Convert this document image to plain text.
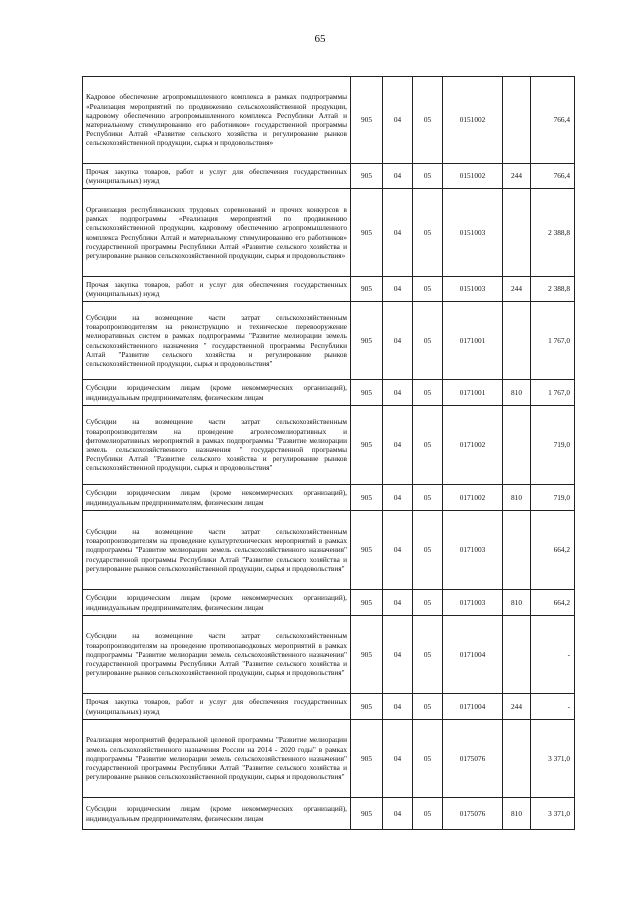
65
Кадровое обеспечение агропромышленного комплекса в рамках подпрограммы «Реализация мероприятий по продвижению сельскохозяйственной продукции, кадровому обеспечению агропромышленного комплекса Республики Алтай и материальному стимулированию его работников» государственной программы Республики Алтай «Развитие сельского хозяйства и регулирование рынков сельскохозяйственной продукции, сырья и продовольствия»	905	04	05	0151002		766,4
Прочая закупка товаров, работ и услуг для обеспечения государственных (муниципальных) нужд	905	04	05	0151002	244	766,4
Организация республиканских трудовых соревнований и прочих конкурсов в рамках подпрограммы «Реализация мероприятий по продвижению сельскохозяйственной продукции, кадровому обеспечению агропромышленного комплекса Республики Алтай и материальному стимулированию его работников» государственной программы Республики Алтай «Развитие сельского хозяйства и регулирование рынков сельскохозяйственной продукции, сырья и продовольствия»	905	04	05	0151003		2 388,8
Прочая закупка товаров, работ и услуг для обеспечения государственных (муниципальных) нужд	905	04	05	0151003	244	2 388,8
Субсидии на возмещение части затрат сельскохозяйственным товаропроизводителям на реконструкцию и техническое перевооружение мелиоративных систем в рамках подпрограммы "Развитие мелиорации земель сельскохозяйственного назначения " государственной программы Республики Алтай "Развитие сельского хозяйства и регулирование рынков сельскохозяйственной продукции, сырья и продовольствия"	905	04	05	0171001		1 767,0
Субсидии юридическим лицам (кроме некоммерческих организаций), индивидуальным предпринимателям, физическим лицам	905	04	05	0171001	810	1 767,0
Субсидии на возмещение части затрат сельскохозяйственным товаропроизводителям на проведение агролесомелиоративных и фитомелиоративных мероприятий в рамках подпрограммы "Развитие мелиорации земель сельскохозяйственного назначения " государственной программы Республики Алтай "Развитие сельского хозяйства и регулирование рынков сельскохозяйственной продукции, сырья и продовольствия"	905	04	05	0171002		719,0
Субсидии юридическим лицам (кроме некоммерческих организаций), индивидуальным предпринимателям, физическим лицам	905	04	05	0171002	810	719,0
Субсидии на возмещение части затрат сельскохозяйственным товаропроизводителям на проведение культуртехнических мероприятий в рамках подпрограммы "Развитие мелиорации земель сельскохозяйственного назначения" государственной программы Республики Алтай "Развитие сельского хозяйства и регулирование рынков сельскохозяйственной продукции, сырья и продовольствия"	905	04	05	0171003		664,2
Субсидии юридическим лицам (кроме некоммерческих организаций), индивидуальным предпринимателям, физическим лицам	905	04	05	0171003	810	664,2
Субсидии на возмещение части затрат сельскохозяйственным товаропроизводителям на проведение противопаводковых мероприятий в рамках подпрограммы "Развитие мелиорации земель сельскохозяйственного назначения" государственной программы Республики Алтай "Развитие сельского хозяйства и регулирование рынков сельскохозяйственной продукции, сырья и продовольствия"	905	04	05	0171004		-
Прочая закупка товаров, работ и услуг для обеспечения государственных (муниципальных) нужд	905	04	05	0171004	244	-
Реализация мероприятий федеральной целевой программы "Развитие мелиорации земель сельскохозяйственного назначения России на 2014 - 2020 годы" в рамках подпрограммы "Развитие мелиорации земель сельскохозяйственного назначения" государственной программы Республики Алтай "Развитие сельского хозяйства и регулирование рынков сельскохозяйственной продукции, сырья и продовольствия"	905	04	05	0175076		3 371,0
Субсидии юридическим лицам (кроме некоммерческих организаций), индивидуальным предпринимателям, физическим лицам	905	04	05	0175076	810	3 371,0
